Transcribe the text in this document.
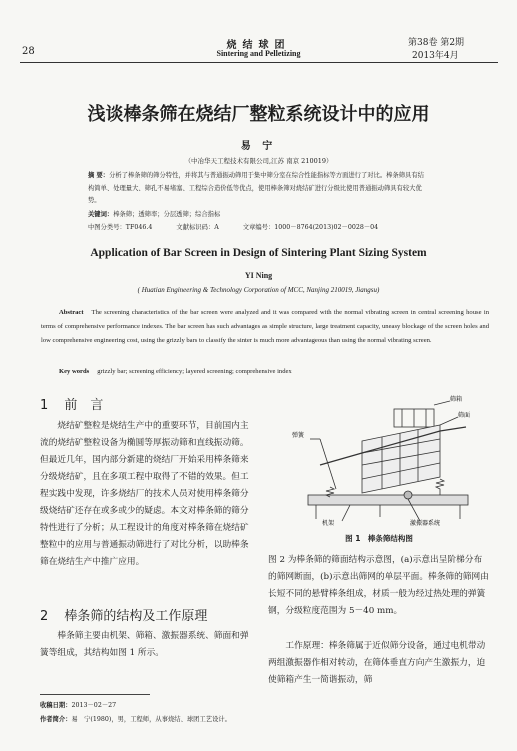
28
烧结球团
Sintering and Pelletizing
第38卷 第2期
2013年4月
浅谈棒条筛在烧结厂整粒系统设计中的应用
易 宁
（中冶华天工程技术有限公司,江苏 南京 210019）
摘 要：分析了棒条筛的筛分特性，并将其与普通振动筛用于集中筛分室在综合性能指标等方面进行了对比。棒条筛具有结构简单、处理量大、筛孔不易堵塞、工程综合造价低等优点，使用棒条筛对烧结矿进行分级比使用普通振动筛具有较大优势。
关键词：棒条筛；透筛率；分层透筛；综合指标
中图分类号：TF046.4	文献标识码：A	文章编号：1000－8764(2013)02－0028－04
Application of Bar Screen in Design of Sintering Plant Sizing System
YI Ning
( Huatian Engineering & Technology Corporation of MCC, Nanjing 210019, Jiangsu)
Abstract The screening characteristics of the bar screen were analyzed and it was compared with the normal vibrating screen in central screening house in terms of comprehensive performance indexes. The bar screen has such advantages as simple structure, large treatment capacity, uneasy blockage of the screen holes and low comprehensive engineering cost, using the grizzly bars to classify the sinter is much more advantageous than using the normal vibrating screen.
Key words grizzly bar; screening efficiency; layered screening; comprehensive index
1 前　言
烧结矿整粒是烧结生产中的重要环节，目前国内主流的烧结矿整粒设备为椭圆等厚振动筛和直线振动筛。但最近几年，国内部分新建的烧结厂开始采用棒条筛来分级烧结矿，且在多项工程中取得了不错的效果。但工程实践中发现，许多烧结厂的技术人员对使用棒条筛分级烧结矿还存在或多或少的疑虑。本文对棒条筛的筛分特性进行了分析；从工程设计的角度对棒条筛在烧结矿整粒中的应用与普通振动筛进行了对比分析，以助棒条筛在烧结生产中推广应用。
2 棒条筛的结构及工作原理
棒条筛主要由机架、筛箱、激振器系统、筛面和弹簧等组成，其结构如图 1 所示。
筛箱
筛面
弹簧
机架	激振器系统
图 1　棒条筛结构图
图 2 为棒条筛的筛面结构示意图，(a)示意出呈阶梯分布的筛网断面，(b)示意出筛网的单层平面。棒条筛的筛网由长短不同的悬臂棒条组成，材质一般为经过热处理的弹簧钢，分级粒度范围为 5－40 mm。
工作原理：棒条筛属于近似筛分设备，通过电机带动两组激振器作相对转动，在筛体垂直方向产生激振力，迫使筛箱产生一简谐振动，筛
收稿日期：2013－02－27
作者简介：易　宁(1980)，男，工程师，从事烧结、球团工艺设计。
